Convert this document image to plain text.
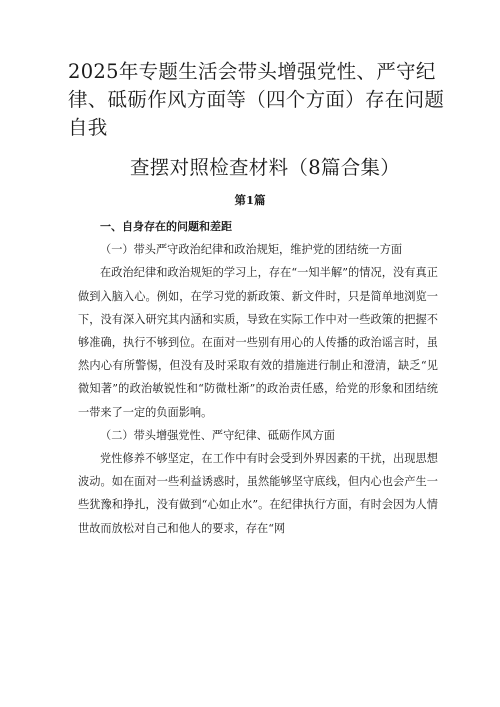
2025年专题生活会带头增强党性、严守纪
律、砥砺作风方面等（四个方面）存在问题
自我
查摆对照检查材料（8篇合集）
第1篇

一、自身存在的问题和差距

（一）带头严守政治纪律和政治规矩，维护党的团结统一方面

在政治纪律和政治规矩的学习上，存在“一知半解”的情况，没有真正做到入脑入心。例如，在学习党的新政策、新文件时，只是简单地浏览一下，没有深入研究其内涵和实质，导致在实际工作中对一些政策的把握不够准确，执行不够到位。在面对一些别有用心的人传播的政治谣言时，虽然内心有所警惕，但没有及时采取有效的措施进行制止和澄清，缺乏“见微知著”的政治敏锐性和“防微杜渐”的政治责任感，给党的形象和团结统一带来了一定的负面影响。

（二）带头增强党性、严守纪律、砥砺作风方面

党性修养不够坚定，在工作中有时会受到外界因素的干扰，出现思想波动。如在面对一些利益诱惑时，虽然能够坚守底线，但内心也会产生一些犹豫和挣扎，没有做到“心如止水”。在纪律执行方面，有时会因为人情世故而放松对自己和他人的要求，存在“网
